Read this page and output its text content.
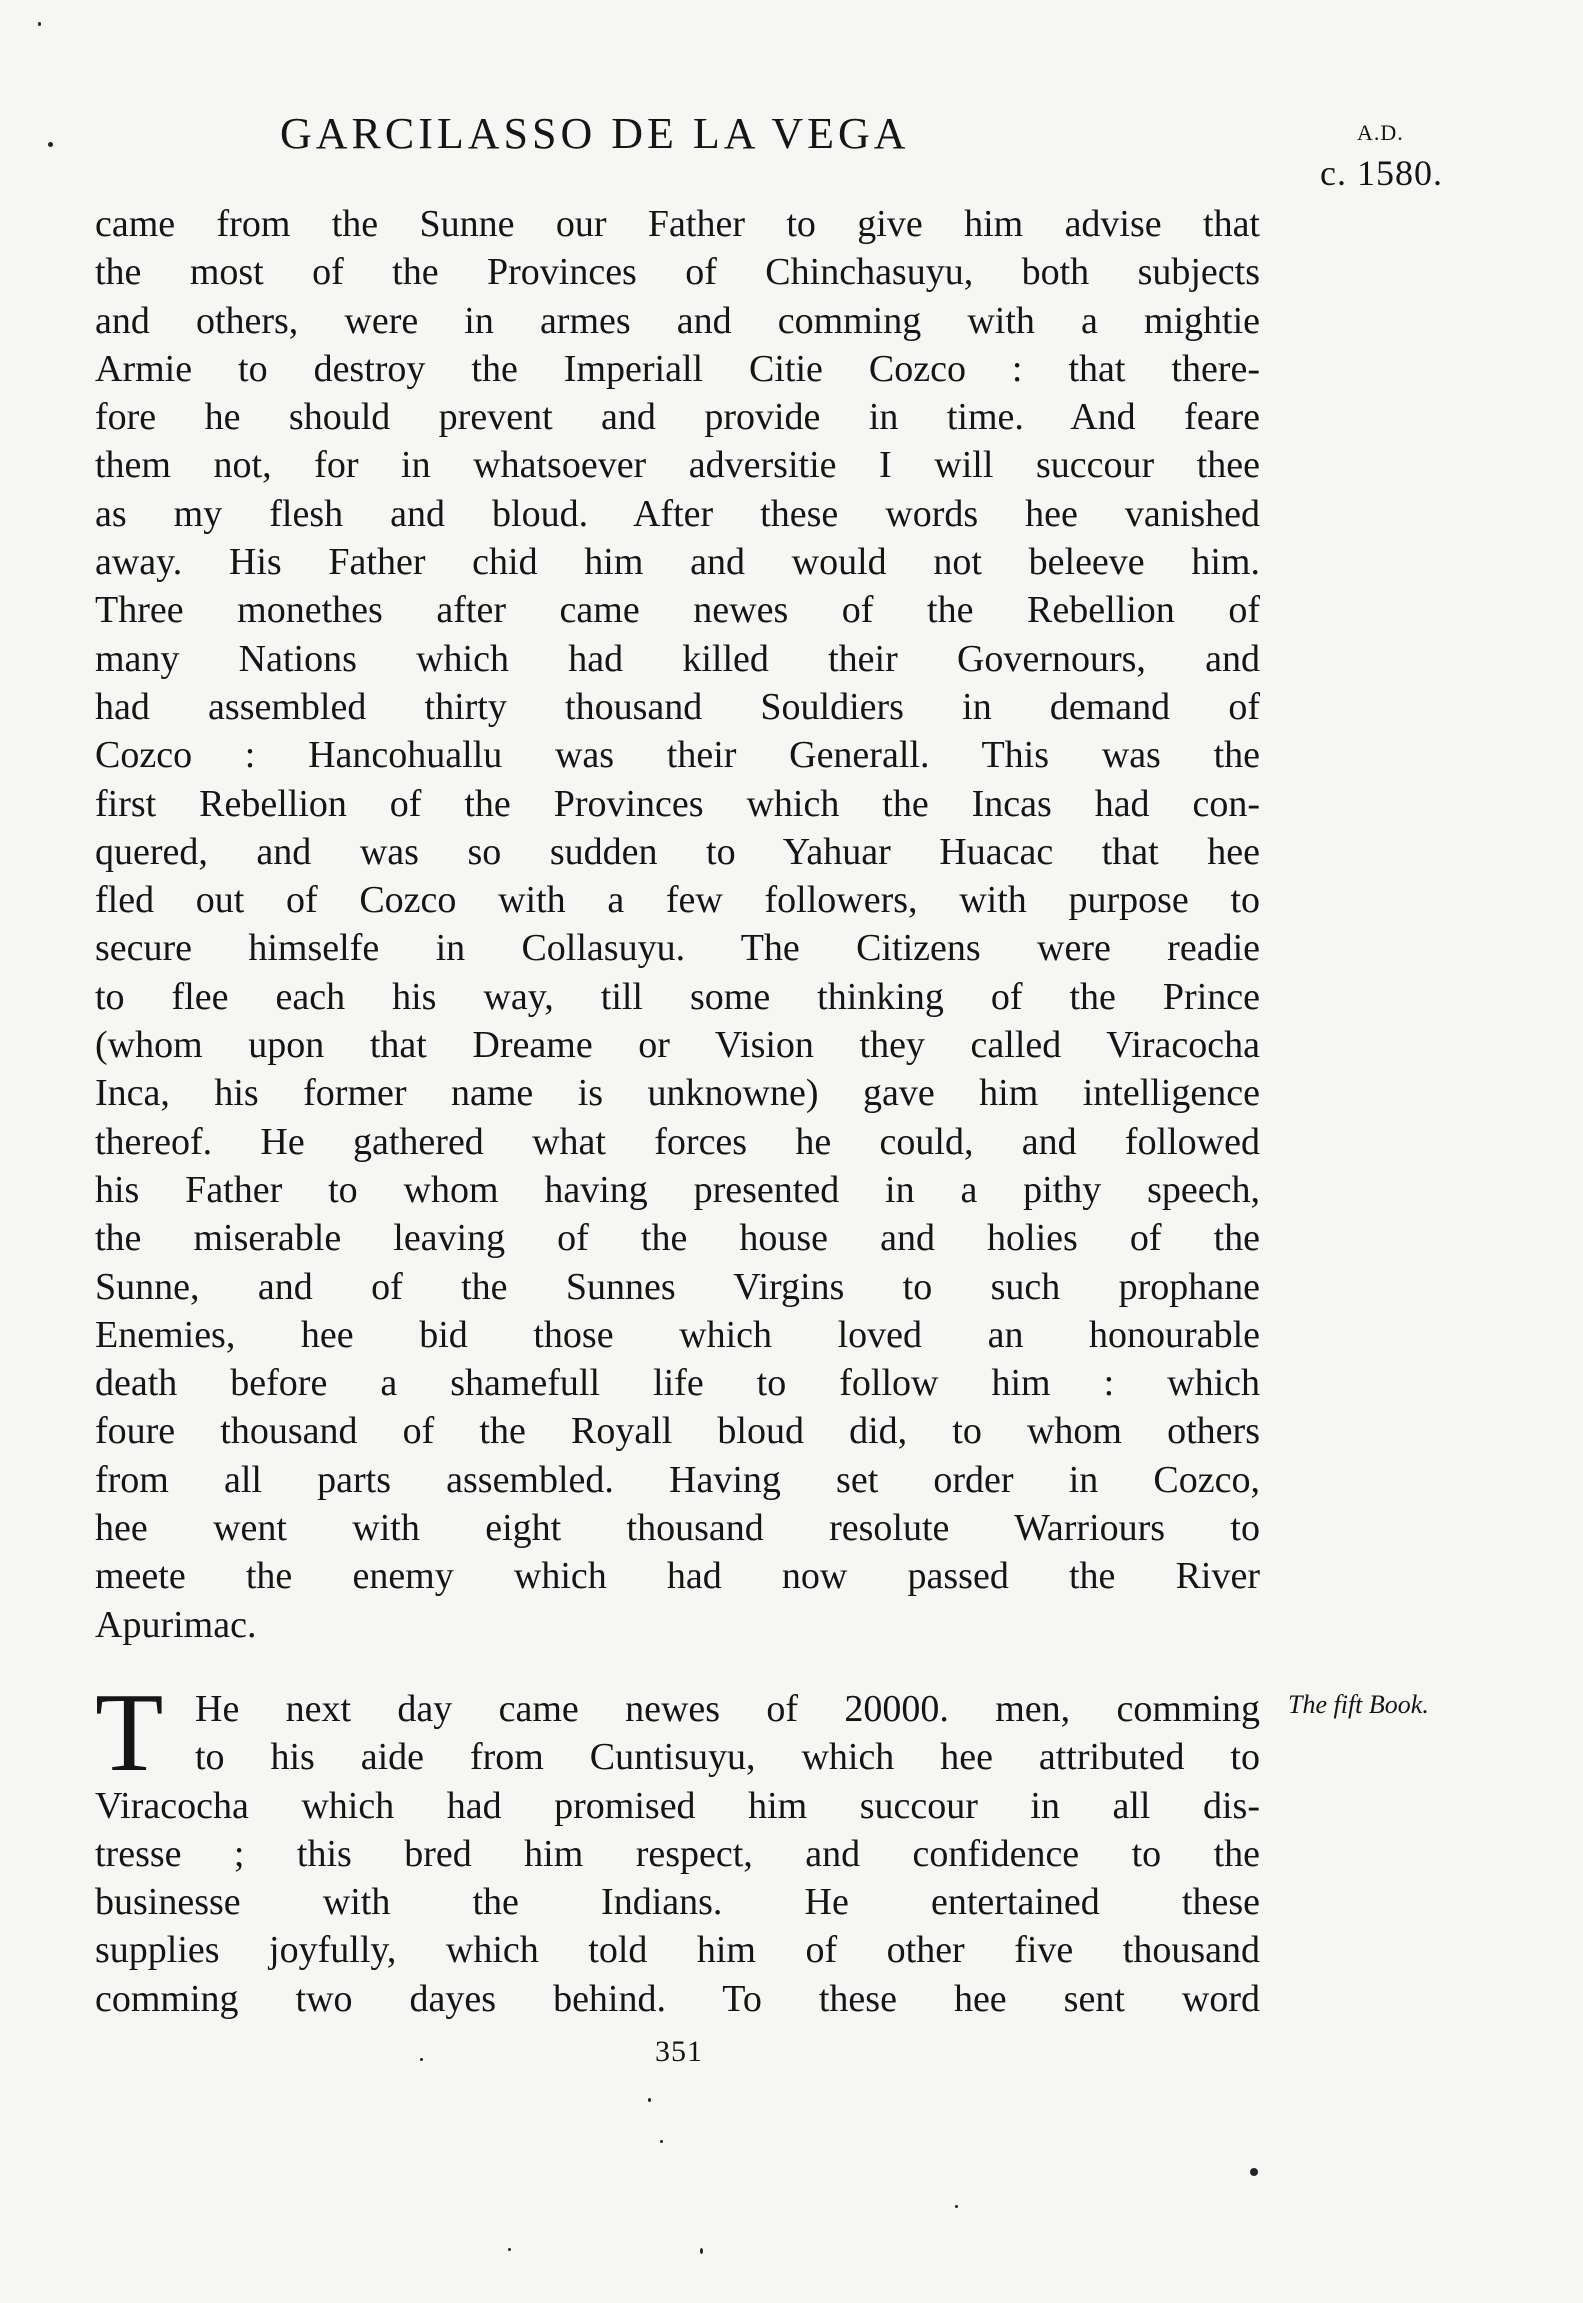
GARCILASSO DE LA VEGA	A.D.
c. 1580.
came from the Sunne our Father to give him advise that
the most of the Provinces of Chinchasuyu, both subjects
and others, were in armes and comming with a mightie
Armie to destroy the Imperiall Citie Cozco : that there-
fore he should prevent and provide in time. And feare
them not, for in whatsoever adversitie I will succour thee
as my flesh and bloud. After these words hee vanished
away. His Father chid him and would not beleeve him.
Three monethes after came newes of the Rebellion of
many Nations which had killed their Governours, and
had assembled thirty thousand Souldiers in demand of
Cozco : Hancohuallu was their Generall. This was the
first Rebellion of the Provinces which the Incas had con-
quered, and was so sudden to Yahuar Huacac that hee
fled out of Cozco with a few followers, with purpose to
secure himselfe in Collasuyu. The Citizens were readie
to flee each his way, till some thinking of the Prince
(whom upon that Dreame or Vision they called Viracocha
Inca, his former name is unknowne) gave him intelligence
thereof. He gathered what forces he could, and followed
his Father to whom having presented in a pithy speech,
the miserable leaving of the house and holies of the
Sunne, and of the Sunnes Virgins to such prophane
Enemies, hee bid those which loved an honourable
death before a shamefull life to follow him : which
foure thousand of the Royall bloud did, to whom others
from all parts assembled. Having set order in Cozco,
hee went with eight thousand resolute Warriours to
meete the enemy which had now passed the River
Apurimac.
T He next day came newes of 20000. men, comming
to his aide from Cuntisuyu, which hee attributed to
Viracocha which had promised him succour in all dis-
tresse ; this bred him respect, and confidence to the
businesse with the Indians. He entertained these
supplies joyfully, which told him of other five thousand
comming two dayes behind. To these hee sent word
The fift Book.
351
